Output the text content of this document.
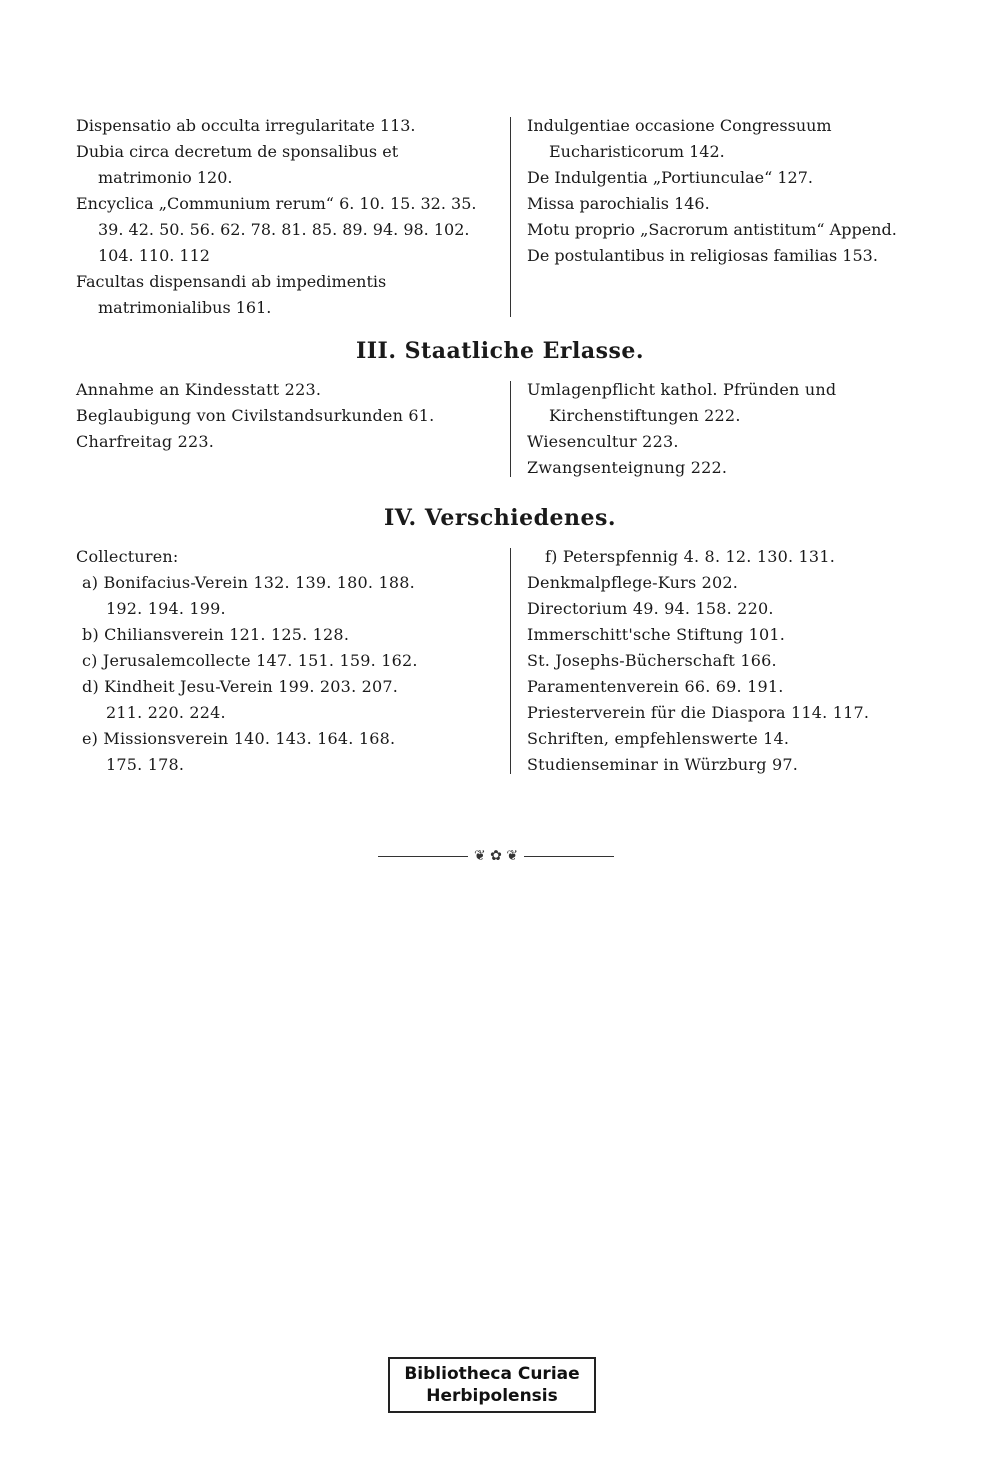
Dispensatio ab occulta irregularitate 113.
Dubia circa decretum de sponsalibus et matrimonio 120.
Encyclica „Communium rerum“ 6. 10. 15. 32. 35. 39. 42. 50. 56. 62. 78. 81. 85. 89. 94. 98. 102. 104. 110. 112
Facultas dispensandi ab impedimentis matrimonialibus 161.
Indulgentiae occasione Congressuum Eucharisticorum 142.
De Indulgentia „Portiunculae“ 127.
Missa parochialis 146.
Motu proprio „Sacrorum antistitum“ Append.
De postulantibus in religiosas familias 153.
III. Staatliche Erlasse.
Annahme an Kindesstatt 223.
Beglaubigung von Civilstandsurkunden 61.
Charfreitag 223.
Umlagenpflicht kathol. Pfründen und Kirchenstiftungen 222.
Wiesencultur 223.
Zwangsenteignung 222.
IV. Verschiedenes.
Collecturen:
a) Bonifacius-Verein 132. 139. 180. 188.
192. 194. 199.
b) Chiliansverein 121. 125. 128.
c) Jerusalemcollecte 147. 151. 159. 162.
d) Kindheit Jesu-Verein 199. 203. 207.
211. 220. 224.
e) Missionsverein 140. 143. 164. 168.
175. 178.
f) Peterspfennig 4. 8. 12. 130. 131.
Denkmalpflege-Kurs 202.
Directorium 49. 94. 158. 220.
Immerschitt'sche Stiftung 101.
St. Josephs-Bücherschaft 166.
Paramentenverein 66. 69. 191.
Priesterverein für die Diaspora 114. 117.
Schriften, empfehlenswerte 14.
Studienseminar in Würzburg 97.
❦ ✿ ❦
Bibliotheca Curiae
Herbipolensis
